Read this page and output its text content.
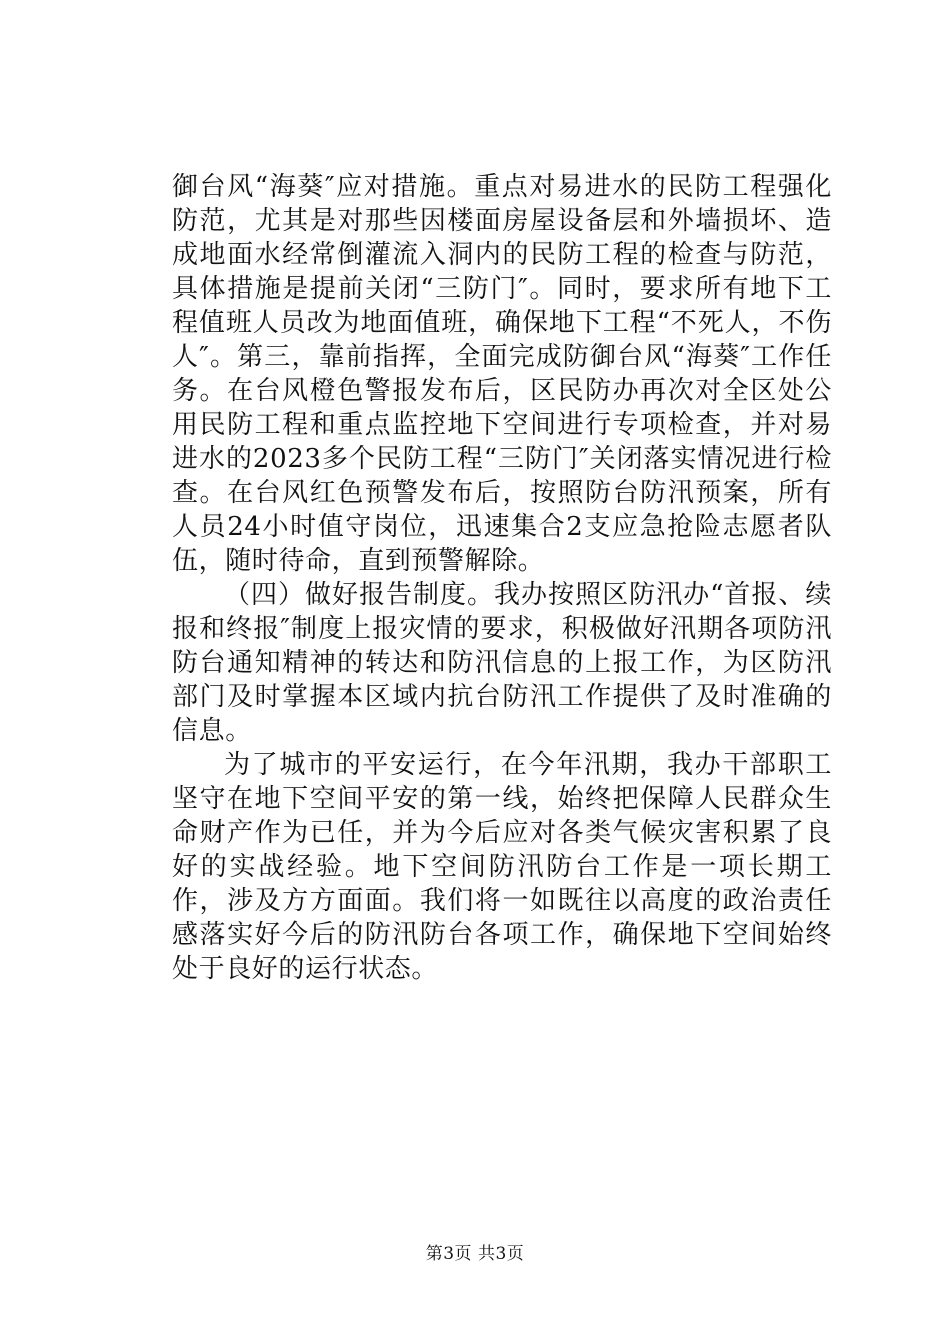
御台风“海葵″应对措施。重点对易进水的民防工程强化防范，尤其是对那些因楼面房屋设备层和外墙损坏、造成地面水经常倒灌流入洞内的民防工程的检查与防范，具体措施是提前关闭“三防门″。同时，要求所有地下工程值班人员改为地面值班，确保地下工程“不死人，不伤人″。第三，靠前指挥，全面完成防御台风“海葵″工作任务。在台风橙色警报发布后，区民防办再次对全区处公用民防工程和重点监控地下空间进行专项检查，并对易进水的2023多个民防工程“三防门″关闭落实情况进行检查。在台风红色预警发布后，按照防台防汛预案，所有人员24小时值守岗位，迅速集合2支应急抢险志愿者队伍，随时待命，直到预警解除。

（四）做好报告制度。我办按照区防汛办“首报、续报和终报″制度上报灾情的要求，积极做好汛期各项防汛防台通知精神的转达和防汛信息的上报工作，为区防汛部门及时掌握本区域内抗台防汛工作提供了及时准确的信息。

为了城市的平安运行，在今年汛期，我办干部职工坚守在地下空间平安的第一线，始终把保障人民群众生命财产作为已任，并为今后应对各类气候灾害积累了良好的实战经验。地下空间防汛防台工作是一项长期工作，涉及方方面面。我们将一如既往以高度的政治责任感落实好今后的防汛防台各项工作，确保地下空间始终处于良好的运行状态。

第3页 共3页
